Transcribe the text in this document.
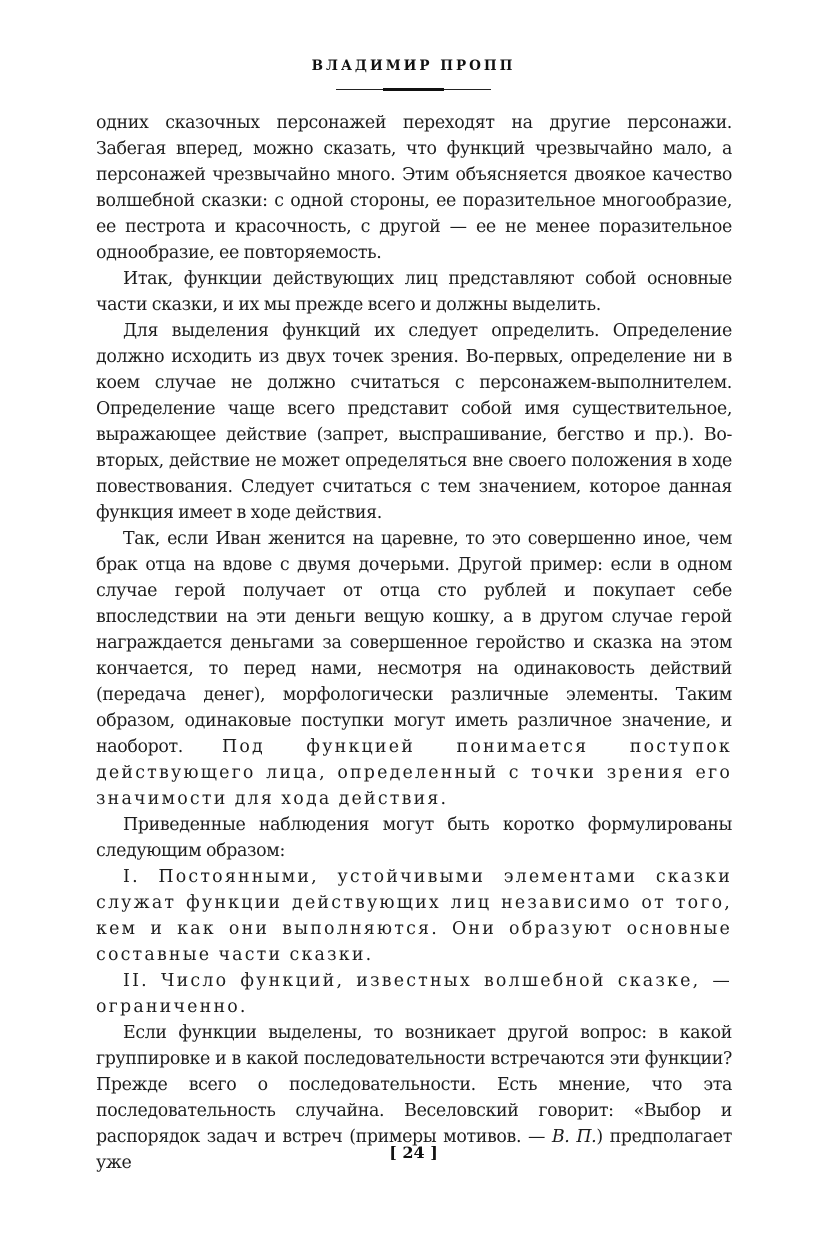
ВЛАДИМИР ПРОПП

одних сказочных персонажей переходят на другие персонажи. Забегая вперед, можно сказать, что функций чрезвычайно мало, а персонажей чрезвычайно много. Этим объясняется двоякое качество волшебной сказки: с одной стороны, ее поразительное многообразие, ее пестрота и красочность, с другой — ее не менее поразительное однообразие, ее повторяемость.

Итак, функции действующих лиц представляют собой основные части сказки, и их мы прежде всего и должны выделить.

Для выделения функций их следует определить. Определение должно исходить из двух точек зрения. Во-первых, определение ни в коем случае не должно считаться с персонажем-выполнителем. Определение чаще всего представит собой имя существительное, выражающее действие (запрет, выспрашивание, бегство и пр.). Во-вторых, действие не может определяться вне своего положения в ходе повествования. Следует считаться с тем значением, которое данная функция имеет в ходе действия.

Так, если Иван женится на царевне, то это совершенно иное, чем брак отца на вдове с двумя дочерьми. Другой пример: если в одном случае герой получает от отца сто рублей и покупает себе впоследствии на эти деньги вещую кошку, а в другом случае герой награждается деньгами за совершенное геройство и сказка на этом кончается, то перед нами, несмотря на одинаковость действий (передача денег), морфологически различные элементы. Таким образом, одинаковые поступки могут иметь различное значение, и наоборот. Под функцией понимается поступок действующего лица, определенный с точки зрения его значимости для хода действия.

Приведенные наблюдения могут быть коротко формулированы следующим образом:

I. Постоянными, устойчивыми элементами сказки служат функции действующих лиц независимо от того, кем и как они выполняются. Они образуют основные составные части сказки.

II. Число функций, известных волшебной сказке, — ограниченно.

Если функции выделены, то возникает другой вопрос: в какой группировке и в какой последовательности встречаются эти функции? Прежде всего о последовательности. Есть мнение, что эта последовательность случайна. Веселовский говорит: «Выбор и распорядок задач и встреч (примеры мотивов. — В. П.) предполагает уже

[ 24 ]
